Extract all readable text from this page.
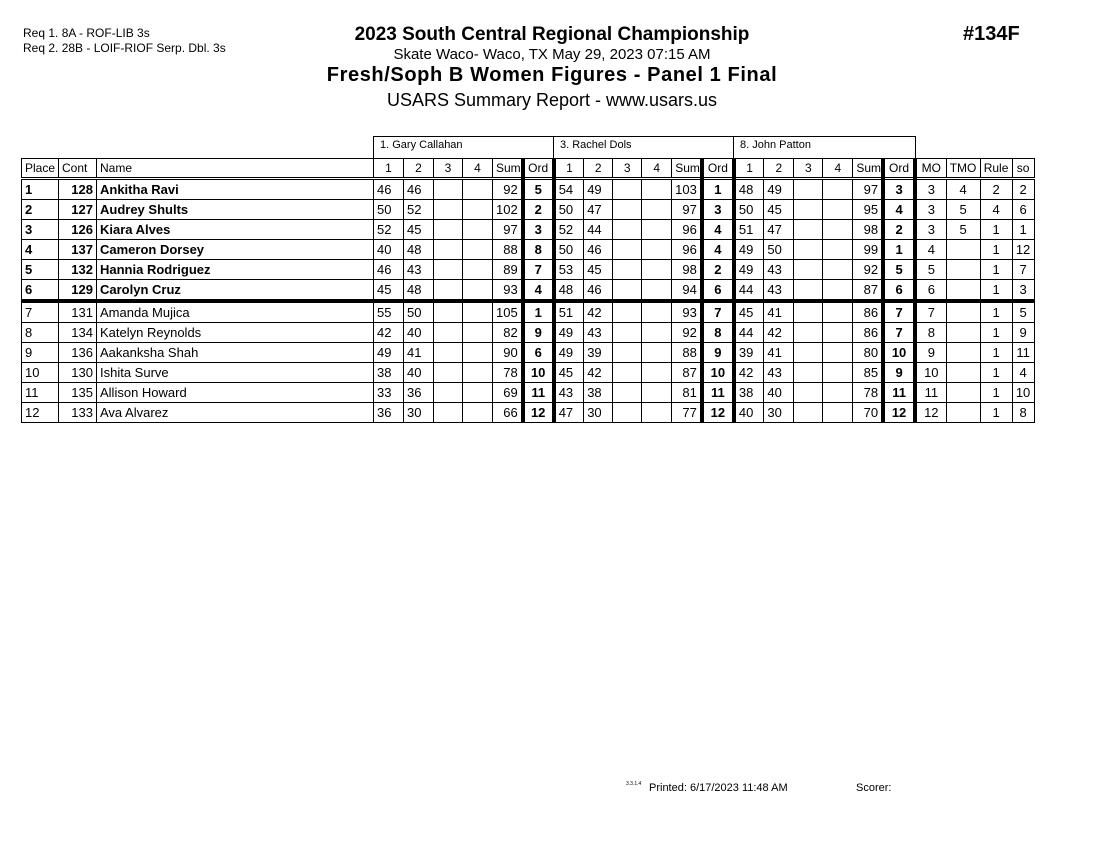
Req 1. 8A - ROF-LIB 3s
Req 2. 28B - LOIF-RIOF Serp. Dbl. 3s
2023 South Central Regional Championship
Skate Waco- Waco, TX May 29, 2023 07:15 AM
Fresh/Soph B Women Figures - Panel 1 Final
USARS Summary Report - www.usars.us
#134F
1. Gary Callahan	3. Rachel Dols	8. John Patton
Place	Cont	Name	1	2	3	4	Sum	Ord	1	2	3	4	Sum	Ord	1	2	3	4	Sum	Ord	MO	TMO	Rule	so
1	128	Ankitha Ravi	46	46			92	5	54	49			103	1	48	49			97	3	3	4	2	2
2	127	Audrey Shults	50	52			102	2	50	47			97	3	50	45			95	4	3	5	4	6
3	126	Kiara Alves	52	45			97	3	52	44			96	4	51	47			98	2	3	5	1	1
4	137	Cameron Dorsey	40	48			88	8	50	46			96	4	49	50			99	1	4		1	12
5	132	Hannia Rodriguez	46	43			89	7	53	45			98	2	49	43			92	5	5		1	7
6	129	Carolyn Cruz	45	48			93	4	48	46			94	6	44	43			87	6	6		1	3
7	131	Amanda Mujica	55	50			105	1	51	42			93	7	45	41			86	7	7		1	5
8	134	Katelyn Reynolds	42	40			82	9	49	43			92	8	44	42			86	7	8		1	9
9	136	Aakanksha Shah	49	41			90	6	49	39			88	9	39	41			80	10	9		1	11
10	130	Ishita Surve	38	40			78	10	45	42			87	10	42	43			85	9	10		1	4
11	135	Allison Howard	33	36			69	11	43	38			81	11	38	40			78	11	11		1	10
12	133	Ava Alvarez	36	30			66	12	47	30			77	12	40	30			70	12	12		1	8
3.3.1.4 Printed: 6/17/2023 11:48 AM	Scorer:
